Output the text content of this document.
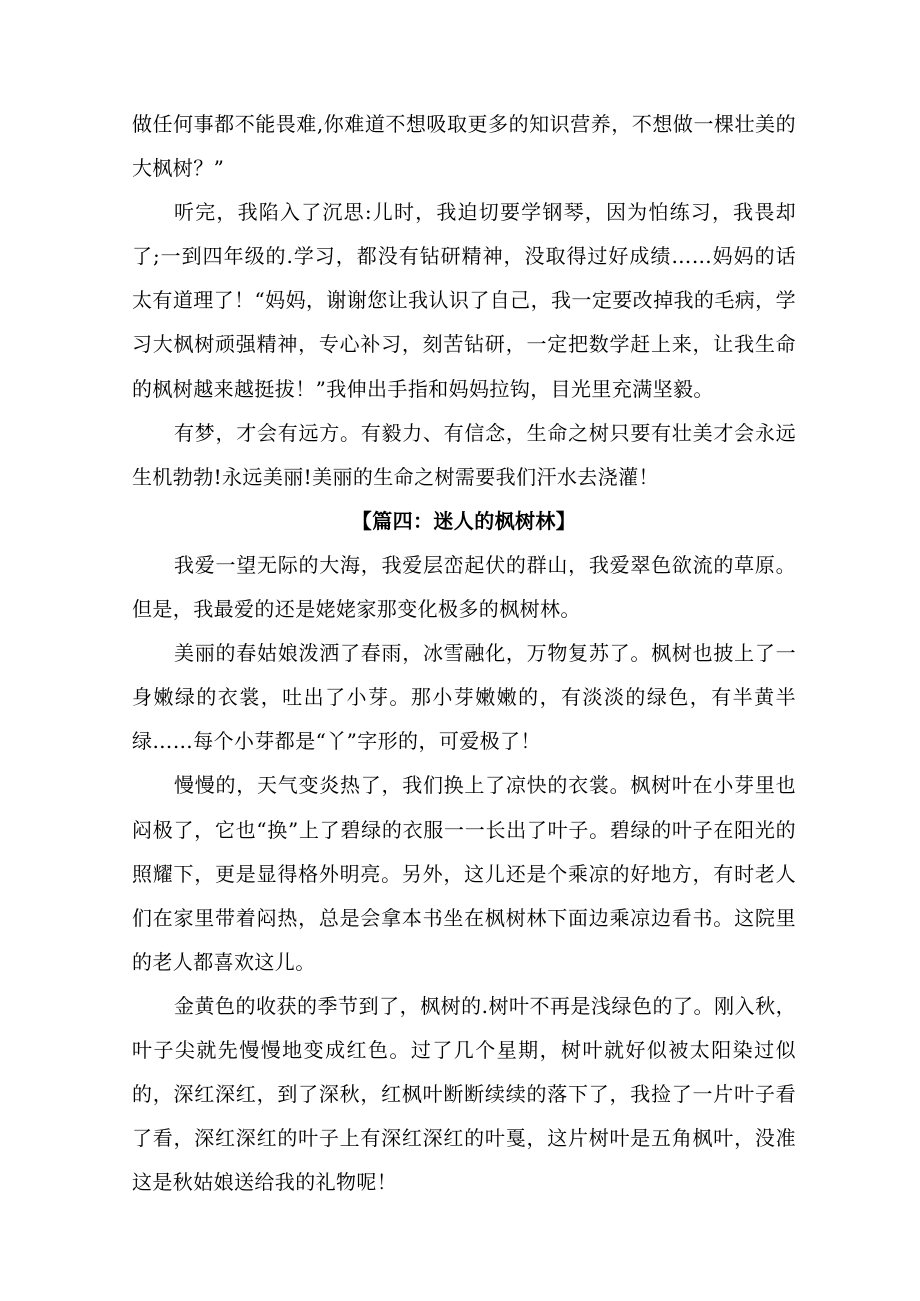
做任何事都不能畏难,你难道不想吸取更多的知识营养，不想做一棵壮美的大枫树？”

听完，我陷入了沉思:儿时，我迫切要学钢琴，因为怕练习，我畏却了;一到四年级的.学习，都没有钻研精神，没取得过好成绩……妈妈的话太有道理了！“妈妈，谢谢您让我认识了自己，我一定要改掉我的毛病，学习大枫树顽强精神，专心补习，刻苦钻研，一定把数学赶上来，让我生命的枫树越来越挺拔！”我伸出手指和妈妈拉钩，目光里充满坚毅。

有梦，才会有远方。有毅力、有信念，生命之树只要有壮美才会永远生机勃勃!永远美丽!美丽的生命之树需要我们汗水去浇灌！

【篇四：迷人的枫树林】

我爱一望无际的大海，我爱层峦起伏的群山，我爱翠色欲流的草原。但是，我最爱的还是姥姥家那变化极多的枫树林。

美丽的春姑娘泼洒了春雨，冰雪融化，万物复苏了。枫树也披上了一身嫩绿的衣裳，吐出了小芽。那小芽嫩嫩的，有淡淡的绿色，有半黄半绿……每个小芽都是“丫”字形的，可爱极了！

慢慢的，天气变炎热了，我们换上了凉快的衣裳。枫树叶在小芽里也闷极了，它也“换”上了碧绿的衣服一一长出了叶子。碧绿的叶子在阳光的照耀下，更是显得格外明亮。另外，这儿还是个乘凉的好地方，有时老人们在家里带着闷热，总是会拿本书坐在枫树林下面边乘凉边看书。这院里的老人都喜欢这儿。

金黄色的收获的季节到了，枫树的.树叶不再是浅绿色的了。刚入秋，叶子尖就先慢慢地变成红色。过了几个星期，树叶就好似被太阳染过似的，深红深红，到了深秋，红枫叶断断续续的落下了，我捡了一片叶子看了看，深红深红的叶子上有深红深红的叶戛，这片树叶是五角枫叶，没准这是秋姑娘送给我的礼物呢！
